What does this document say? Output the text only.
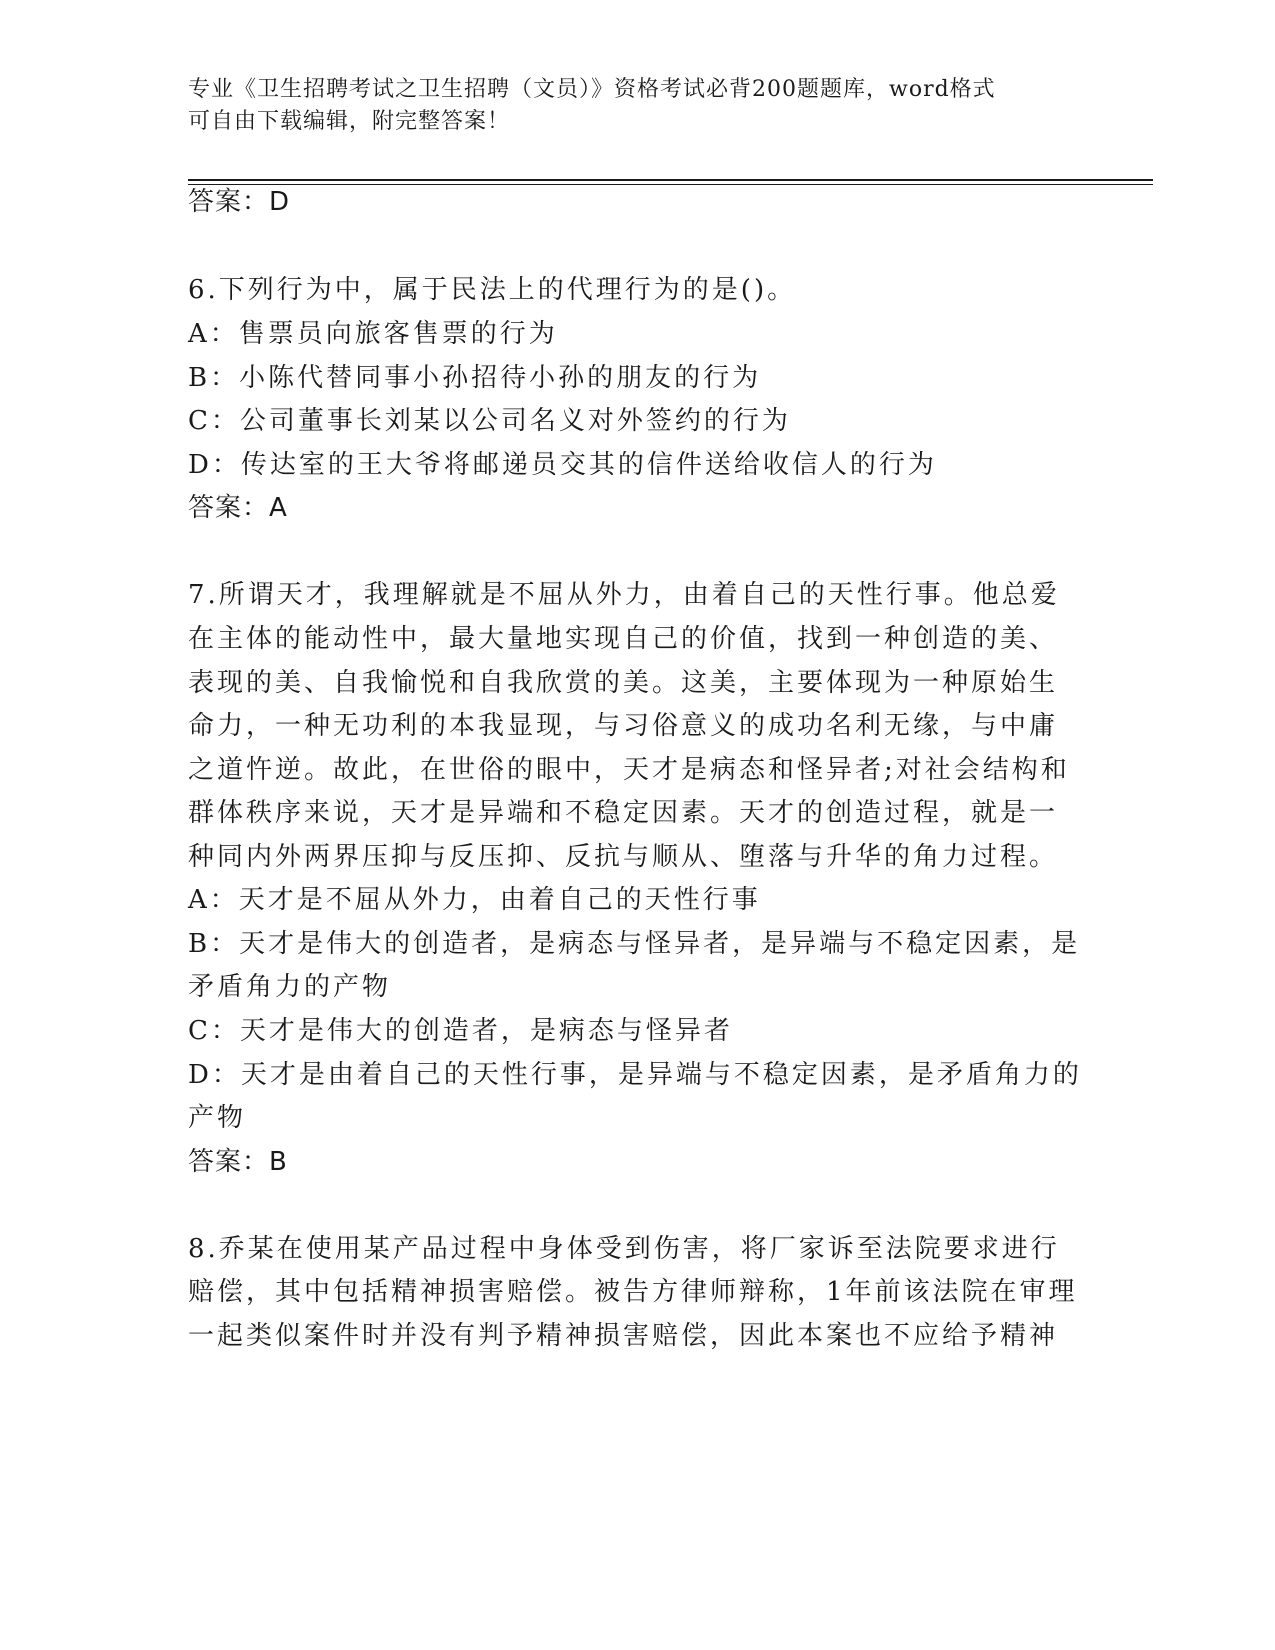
专业《卫生招聘考试之卫生招聘（文员）》资格考试必背200题题库，word格式
可自由下载编辑，附完整答案！
答案：D
6.下列行为中，属于民法上的代理行为的是()。
A：售票员向旅客售票的行为
B：小陈代替同事小孙招待小孙的朋友的行为
C：公司董事长刘某以公司名义对外签约的行为
D：传达室的王大爷将邮递员交其的信件送给收信人的行为
答案：A
7.所谓天才，我理解就是不屈从外力，由着自己的天性行事。他总爱
在主体的能动性中，最大量地实现自己的价值，找到一种创造的美、
表现的美、自我愉悦和自我欣赏的美。这美，主要体现为一种原始生
命力，一种无功利的本我显现，与习俗意义的成功名利无缘，与中庸
之道忤逆。故此，在世俗的眼中，天才是病态和怪异者;对社会结构和
群体秩序来说，天才是异端和不稳定因素。天才的创造过程，就是一
种同内外两界压抑与反压抑、反抗与顺从、堕落与升华的角力过程。
A：天才是不屈从外力，由着自己的天性行事
B：天才是伟大的创造者，是病态与怪异者，是异端与不稳定因素，是
矛盾角力的产物
C：天才是伟大的创造者，是病态与怪异者
D：天才是由着自己的天性行事，是异端与不稳定因素，是矛盾角力的
产物
答案：B
8.乔某在使用某产品过程中身体受到伤害，将厂家诉至法院要求进行
赔偿，其中包括精神损害赔偿。被告方律师辩称，1年前该法院在审理
一起类似案件时并没有判予精神损害赔偿，因此本案也不应给予精神
